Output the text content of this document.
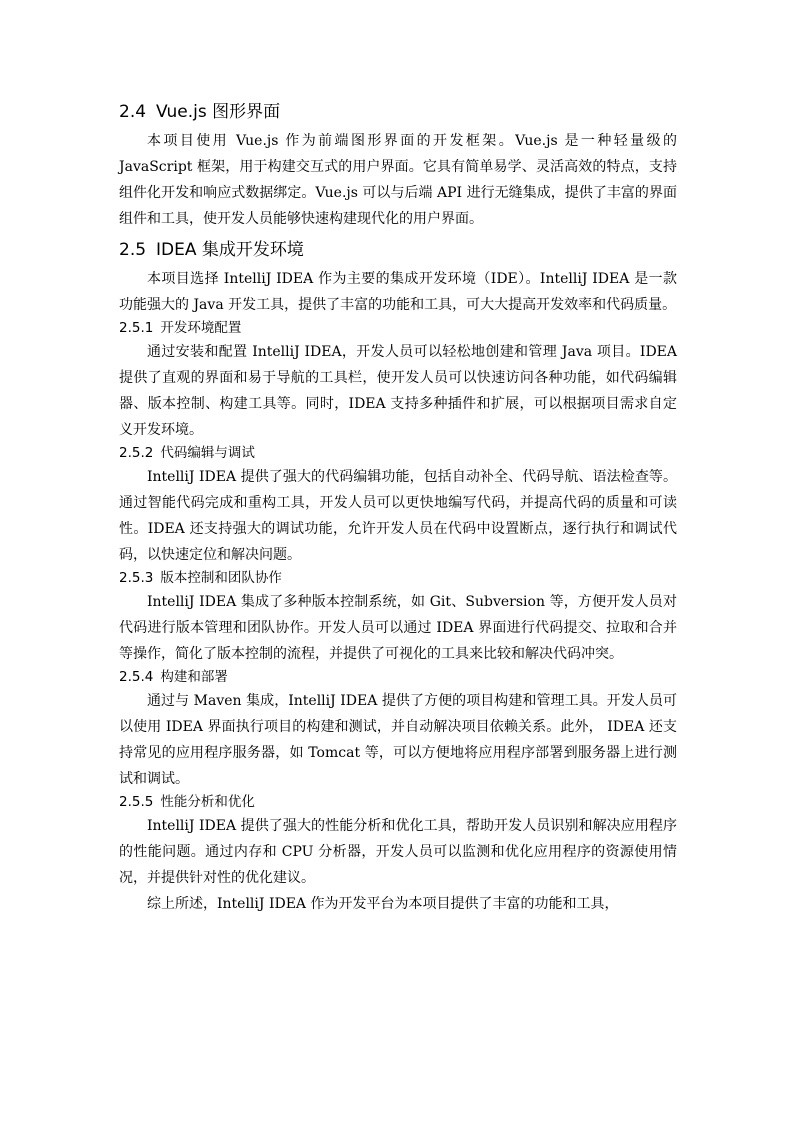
2.4 Vue.js 图形界面

本项目使用 Vue.js 作为前端图形界面的开发框架。Vue.js 是一种轻量级的 JavaScript 框架，用于构建交互式的用户界面。它具有简单易学、灵活高效的特点，支持组件化开发和响应式数据绑定。Vue.js 可以与后端 API 进行无缝集成，提供了丰富的界面组件和工具，使开发人员能够快速构建现代化的用户界面。

2.5 IDEA 集成开发环境

本项目选择 IntelliJ IDEA 作为主要的集成开发环境（IDE）。IntelliJ IDEA 是一款功能强大的 Java 开发工具，提供了丰富的功能和工具，可大大提高开发效率和代码质量。

2.5.1 开发环境配置

通过安装和配置 IntelliJ IDEA，开发人员可以轻松地创建和管理 Java 项目。IDEA 提供了直观的界面和易于导航的工具栏，使开发人员可以快速访问各种功能，如代码编辑器、版本控制、构建工具等。同时，IDEA 支持多种插件和扩展，可以根据项目需求自定义开发环境。

2.5.2 代码编辑与调试

IntelliJ IDEA 提供了强大的代码编辑功能，包括自动补全、代码导航、语法检查等。通过智能代码完成和重构工具，开发人员可以更快地编写代码，并提高代码的质量和可读性。IDEA 还支持强大的调试功能，允许开发人员在代码中设置断点，逐行执行和调试代码，以快速定位和解决问题。

2.5.3 版本控制和团队协作

IntelliJ IDEA 集成了多种版本控制系统，如 Git、Subversion 等，方便开发人员对代码进行版本管理和团队协作。开发人员可以通过 IDEA 界面进行代码提交、拉取和合并等操作，简化了版本控制的流程，并提供了可视化的工具来比较和解决代码冲突。

2.5.4 构建和部署

通过与 Maven 集成，IntelliJ IDEA 提供了方便的项目构建和管理工具。开发人员可以使用 IDEA 界面执行项目的构建和测试，并自动解决项目依赖关系。此外， IDEA 还支持常见的应用程序服务器，如 Tomcat 等，可以方便地将应用程序部署到服务器上进行测试和调试。

2.5.5 性能分析和优化

IntelliJ IDEA 提供了强大的性能分析和优化工具，帮助开发人员识别和解决应用程序的性能问题。通过内存和 CPU 分析器，开发人员可以监测和优化应用程序的资源使用情况，并提供针对性的优化建议。

综上所述，IntelliJ IDEA 作为开发平台为本项目提供了丰富的功能和工具，
